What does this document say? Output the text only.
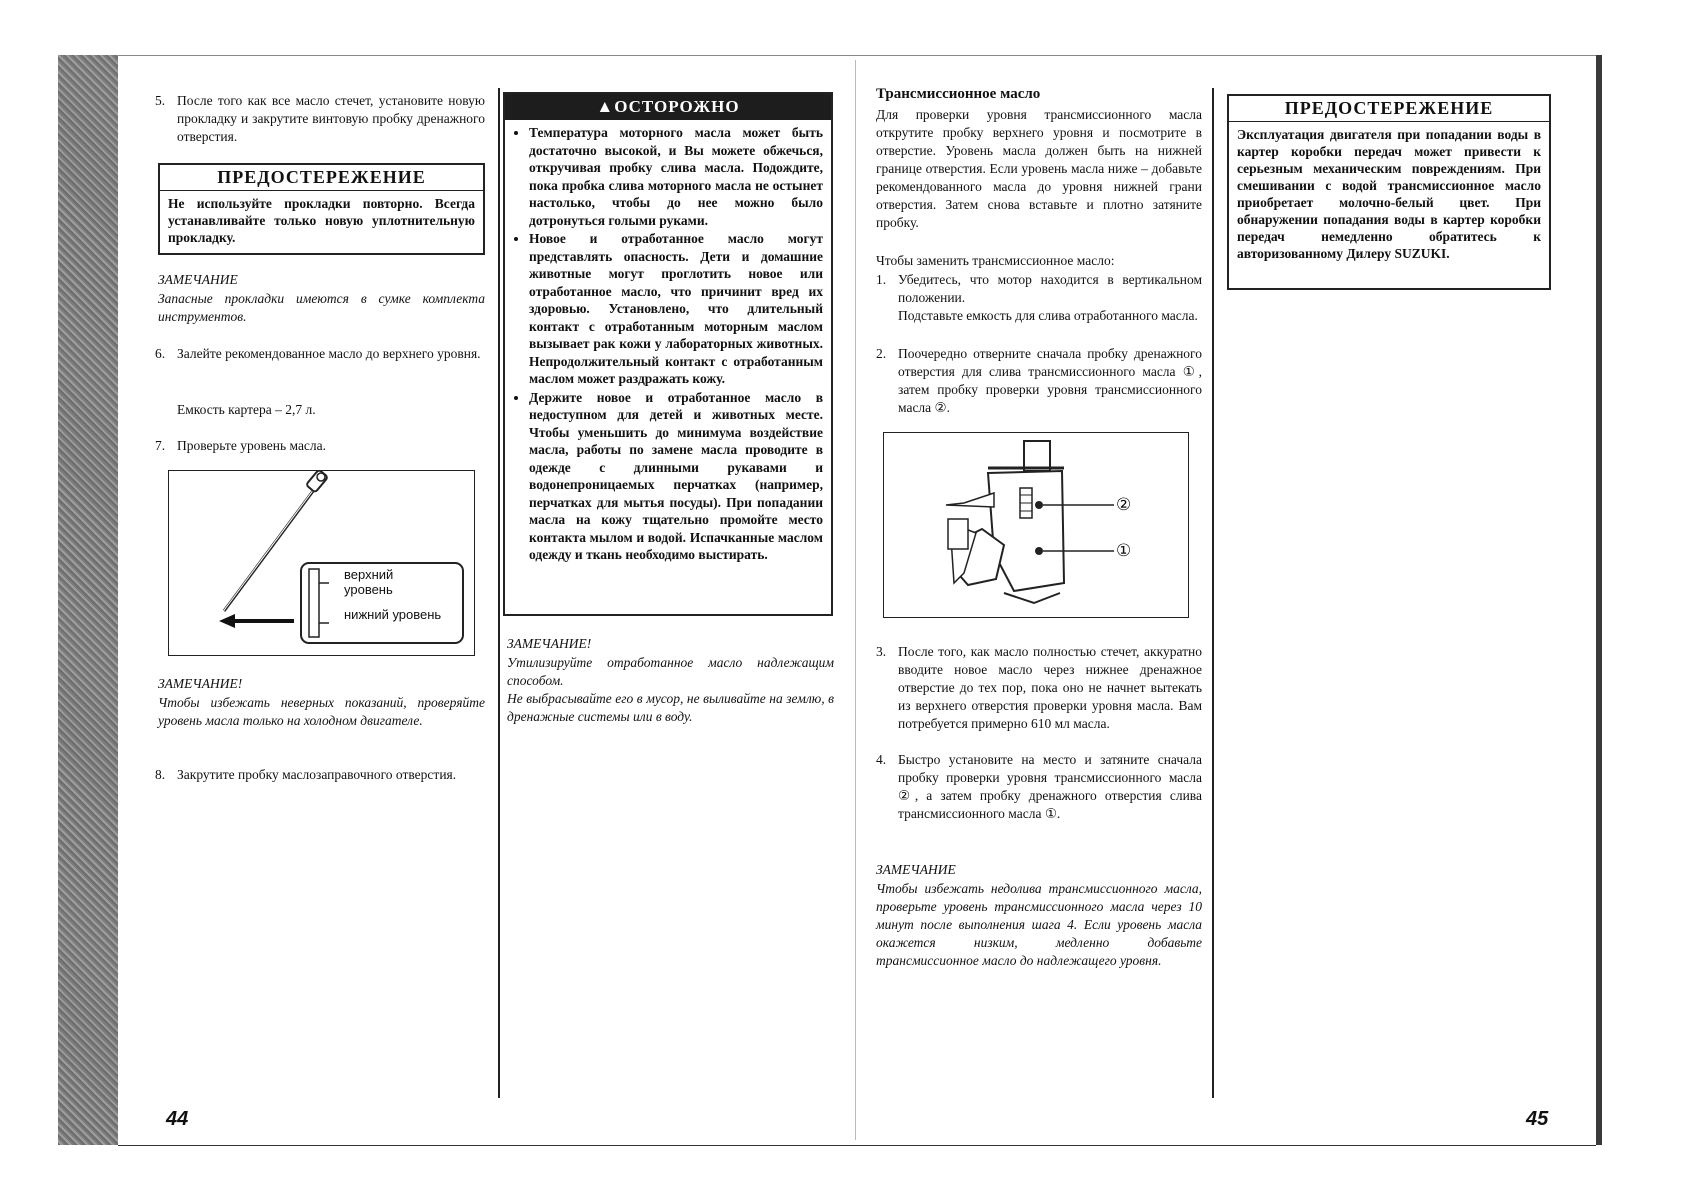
5. После того как все масло стечет, установите новую прокладку и закрутите винтовую пробку дренажного отверстия.
ПРЕДОСТЕРЕЖЕНИЕ
Не используйте прокладки повторно. Всегда устанавливайте только новую уплотнительную прокладку.
ЗАМЕЧАНИЕ
Запасные прокладки имеются в сумке комплекта инструментов.
6. Залейте рекомендованное масло до верхнего уровня.
Емкость картера – 2,7 л.
7. Проверьте уровень масла.
верхний уровень
нижний уровень
ЗАМЕЧАНИЕ!
Чтобы избежать неверных показаний, проверяйте уровень масла только на холодном двигателе.
8. Закрутите пробку маслозаправочного отверстия.
▲ОСТОРОЖНО
• Температура моторного масла может быть достаточно высокой, и Вы можете обжечься, откручивая пробку слива масла. Подождите, пока пробка слива моторного масла не остынет настолько, чтобы до нее можно было дотронуться голыми руками.
• Новое и отработанное масло могут представлять опасность. Дети и домашние животные могут проглотить новое или отработанное масло, что причинит вред их здоровью. Установлено, что длительный контакт с отработанным моторным маслом вызывает рак кожи у лабораторных животных. Непродолжительный контакт с отработанным маслом может раздражать кожу.
• Держите новое и отработанное масло в недоступном для детей и животных месте. Чтобы уменьшить до минимума воздействие масла, работы по замене масла проводите в одежде с длинными рукавами и водонепроницаемых перчатках (например, перчатках для мытья посуды). При попадании масла на кожу тщательно промойте место контакта мылом и водой. Испачканные маслом одежду и ткань необходимо выстирать.
ЗАМЕЧАНИЕ!
Утилизируйте отработанное масло надлежащим способом.
Не выбрасывайте его в мусор, не выливайте на землю, в дренажные системы или в воду.
44
Трансмиссионное масло
Для проверки уровня трансмиссионного масла открутите пробку верхнего уровня и посмотрите в отверстие. Уровень масла должен быть на нижней границе отверстия. Если уровень масла ниже – добавьте рекомендованного масла до уровня нижней грани отверстия. Затем снова вставьте и плотно затяните пробку.
Чтобы заменить трансмиссионное масло:
1. Убедитесь, что мотор находится в вертикальном положении.
Подставьте емкость для слива отработанного масла.
2. Поочередно отверните сначала пробку дренажного отверстия для слива трансмиссионного масла ①, затем пробку проверки уровня трансмиссионного масла ②.
②
①
3. После того, как масло полностью стечет, аккуратно вводите новое масло через нижнее дренажное отверстие до тех пор, пока оно не начнет вытекать из верхнего отверстия проверки уровня масла. Вам потребуется примерно 610 мл масла.
4. Быстро установите на место и затяните сначала пробку проверки уровня трансмиссионного масла ②, а затем пробку дренажного отверстия слива трансмиссионного масла ①.
ЗАМЕЧАНИЕ
Чтобы избежать недолива трансмиссионного масла, проверьте уровень трансмиссионного масла через 10 минут после выполнения шага 4. Если уровень масла окажется низким, медленно добавьте трансмиссионное масло до надлежащего уровня.
ПРЕДОСТЕРЕЖЕНИЕ
Эксплуатация двигателя при попадании воды в картер коробки передач может привести к серьезным механическим повреждениям. При смешивании с водой трансмиссионное масло приобретает молочно-белый цвет. При обнаружении попадания воды в картер коробки передач немедленно обратитесь к авторизованному Дилеру SUZUKI.
45
